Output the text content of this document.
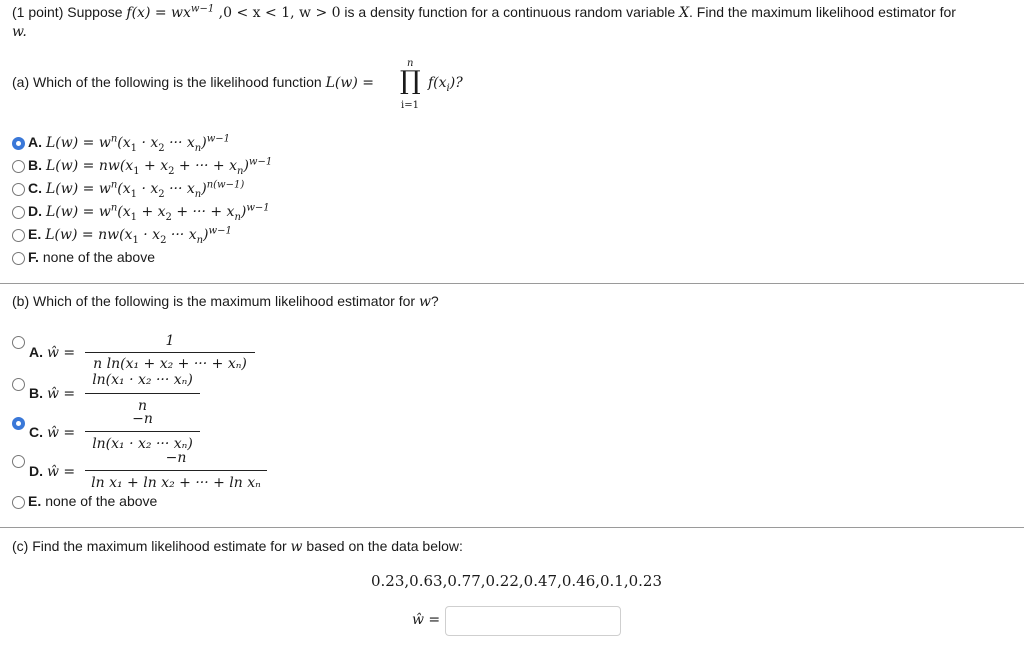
(1 point) Suppose $f(x) = wx^{w-1}$ ,0 < x < 1, w > 0 is a density function for a continuous random variable X. Find the maximum likelihood estimator for
w.
(a) Which of the following is the likelihood function L(w) =
n
∏
i=1
$f(x_i)$?
A. $L(w) = w^n(x_1 \cdot x_2$ ··· $x_n)^{w-1}$
B. $L(w) = nw(x_1 + x_2$ + ··· + $x_n)^{w-1}$
C. $L(w) = w^n(x_1 \cdot x_2$ ··· $x_n)^{n(w-1)}$
D. $L(w) = w^n(x_1 + x_2$ + ··· + $x_n)^{w-1}$
E. $L(w) = nw(x_1 \cdot x_2$ ··· $x_n)^{w-1}$
F. none of the above
(b) Which of the following is the maximum likelihood estimator for w?
A. ŵ =
1
n ln(x₁ + x₂ + ··· + xₙ)
B. ŵ =
ln(x₁ · x₂ ··· xₙ)
n
C. ŵ =
−n
ln(x₁ · x₂ ··· xₙ)
D. ŵ =
−n
ln x₁ + ln x₂ + ··· + ln xₙ
E. none of the above
(c) Find the maximum likelihood estimate for w based on the data below:
0.23,0.63,0.77,0.22,0.47,0.46,0.1,0.23
ŵ =
